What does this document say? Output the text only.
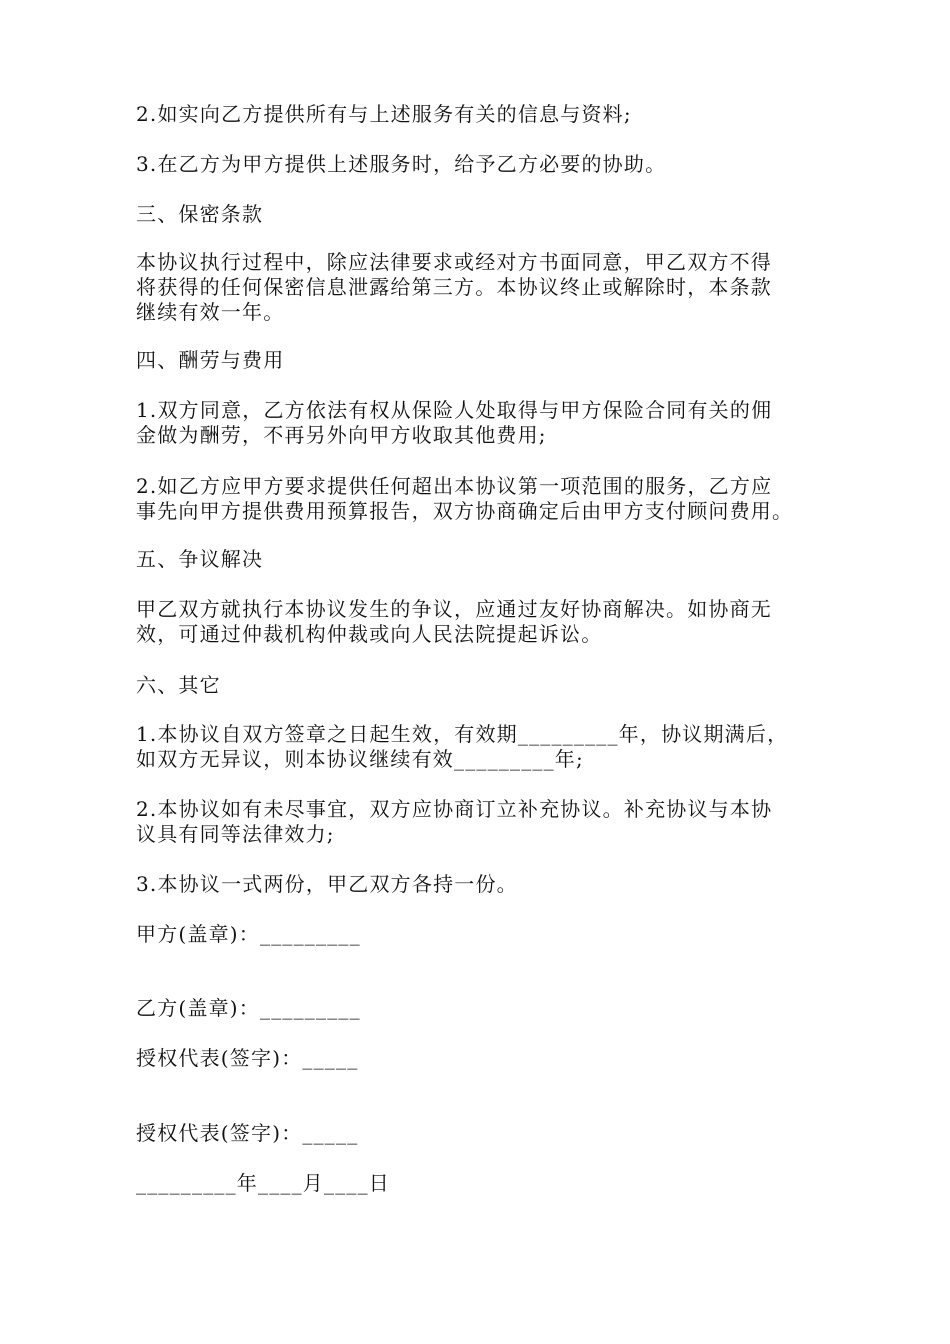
2.如实向乙方提供所有与上述服务有关的信息与资料;
3.在乙方为甲方提供上述服务时，给予乙方必要的协助。
三、保密条款
本协议执行过程中，除应法律要求或经对方书面同意，甲乙双方不得
将获得的任何保密信息泄露给第三方。本协议终止或解除时，本条款
继续有效一年。
四、酬劳与费用
1.双方同意，乙方依法有权从保险人处取得与甲方保险合同有关的佣
金做为酬劳，不再另外向甲方收取其他费用;
2.如乙方应甲方要求提供任何超出本协议第一项范围的服务，乙方应
事先向甲方提供费用预算报告，双方协商确定后由甲方支付顾问费用。
五、争议解决
甲乙双方就执行本协议发生的争议，应通过友好协商解决。如协商无
效，可通过仲裁机构仲裁或向人民法院提起诉讼。
六、其它
1.本协议自双方签章之日起生效，有效期_________年，协议期满后，
如双方无异议，则本协议继续有效_________年;
2.本协议如有未尽事宜，双方应协商订立补充协议。补充协议与本协
议具有同等法律效力;
3.本协议一式两份，甲乙双方各持一份。
甲方(盖章)：_________
乙方(盖章)：_________
授权代表(签字)：_____
授权代表(签字)：_____
_________年____月____日
